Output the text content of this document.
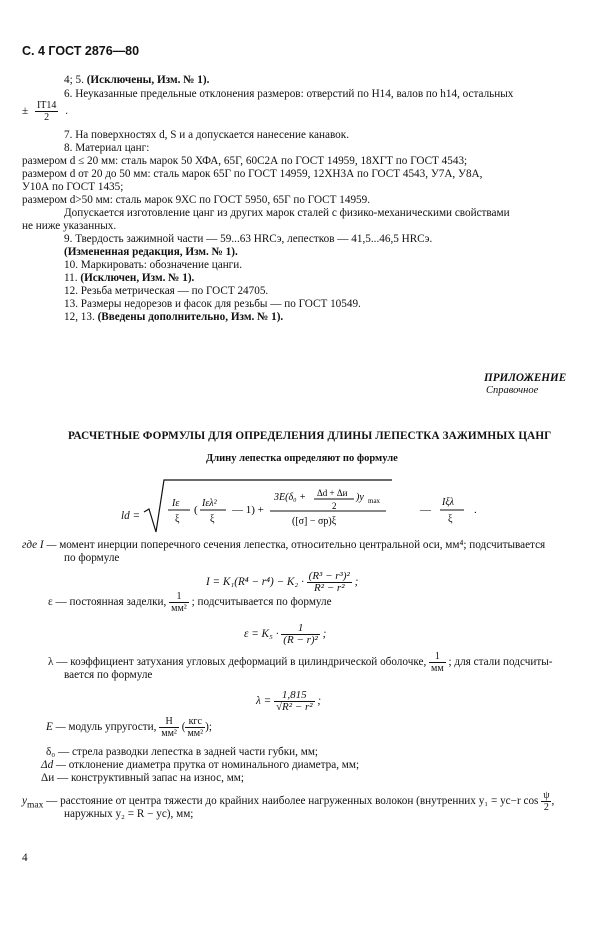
С. 4 ГОСТ 2876—80
4; 5. (Исключены, Изм. № 1).
6. Неуказанные предельные отклонения размеров: отверстий по Н14, валов по h14, остальных
± $\frac{IT14}{2}$ .
7. На поверхностях d, S и a допускается нанесение канавок.
8. Материал цанг:
размером d ≤ 20 мм: сталь марок 50 ХФА, 65Г, 60С2А по ГОСТ 14959, 18ХГТ по ГОСТ 4543;
размером d от 20 до 50 мм: сталь марок 65Г по ГОСТ 14959, 12ХН3А по ГОСТ 4543, У7А, У8А,
У10А по ГОСТ 1435;
размером d>50 мм: сталь марок 9ХС по ГОСТ 5950, 65Г по ГОСТ 14959.
Допускается изготовление цанг из других марок сталей с физико-механическими свойствами
не ниже указанных.
9. Твердость зажимной части — 59...63 HRCэ, лепестков — 41,5...46,5 HRCэ.
(Измененная редакция, Изм. № 1).
10. Маркировать: обозначение цанги.
11. (Исключен, Изм. № 1).
12. Резьба метрическая — по ГОСТ 24705.
13. Размеры недорезов и фасок для резьбы — по ГОСТ 10549.
12, 13. (Введены дополнительно, Изм. № 1).
ПРИЛОЖЕНИЕ
Справочное
РАСЧЕТНЫЕ ФОРМУЛЫ ДЛЯ ОПРЕДЕЛЕНИЯ ДЛИНЫ ЛЕПЕСТКА ЗАЖИМНЫХ ЦАНГ
Длину лепестка определяют по формуле
ld =
Iε
ξ
(
Iελ²
ξ
— 1) +
3E(δ₀ + Δd + Δи
2
)y max
([σ] − σp)ξ
—
Iξλ
ξ
.
где I — момент инерции поперечного сечения лепестка, относительно центральной оси, мм⁴; подсчитывается
по формуле
$I = K_1(R^4 - r^4) - K_2 \cdot \frac{\text{(R³ − r³)²}}{\text{R² − r²}}$ ;
ε — постоянная заделки, $\frac{1}{\text{мм²}}$ ; подсчитывается по формуле
$\varepsilon = K_5 \cdot \frac{1}{\text{(R − r)²}}$ ;
λ — коэффициент затухания угловых деформаций в цилиндрической оболочке, $\frac{1}{мм}$ ; для стали подсчиты-
вается по формуле
$\lambda = \frac{1,815}{\text{√R² − r²}}$ ;
E — модуль упругости, $\frac{Н}{\text{мм²}}$ ( $\frac{\text{кгс}}{\text{мм²}}$ );
δ₀ — стрела разводки лепестка в задней части губки, мм;
Δd — отклонение диаметра прутка от номинального диаметра, мм;
Δи — конструктивный запас на износ, мм;
$y_{max}$ — расстояние от центра тяжести до крайних наиболее нагруженных волокон (внутренних y₁ = yc−r $\cos \frac{\psi}{2}$ ,
наружных y₂ = R − yc), мм;
4
